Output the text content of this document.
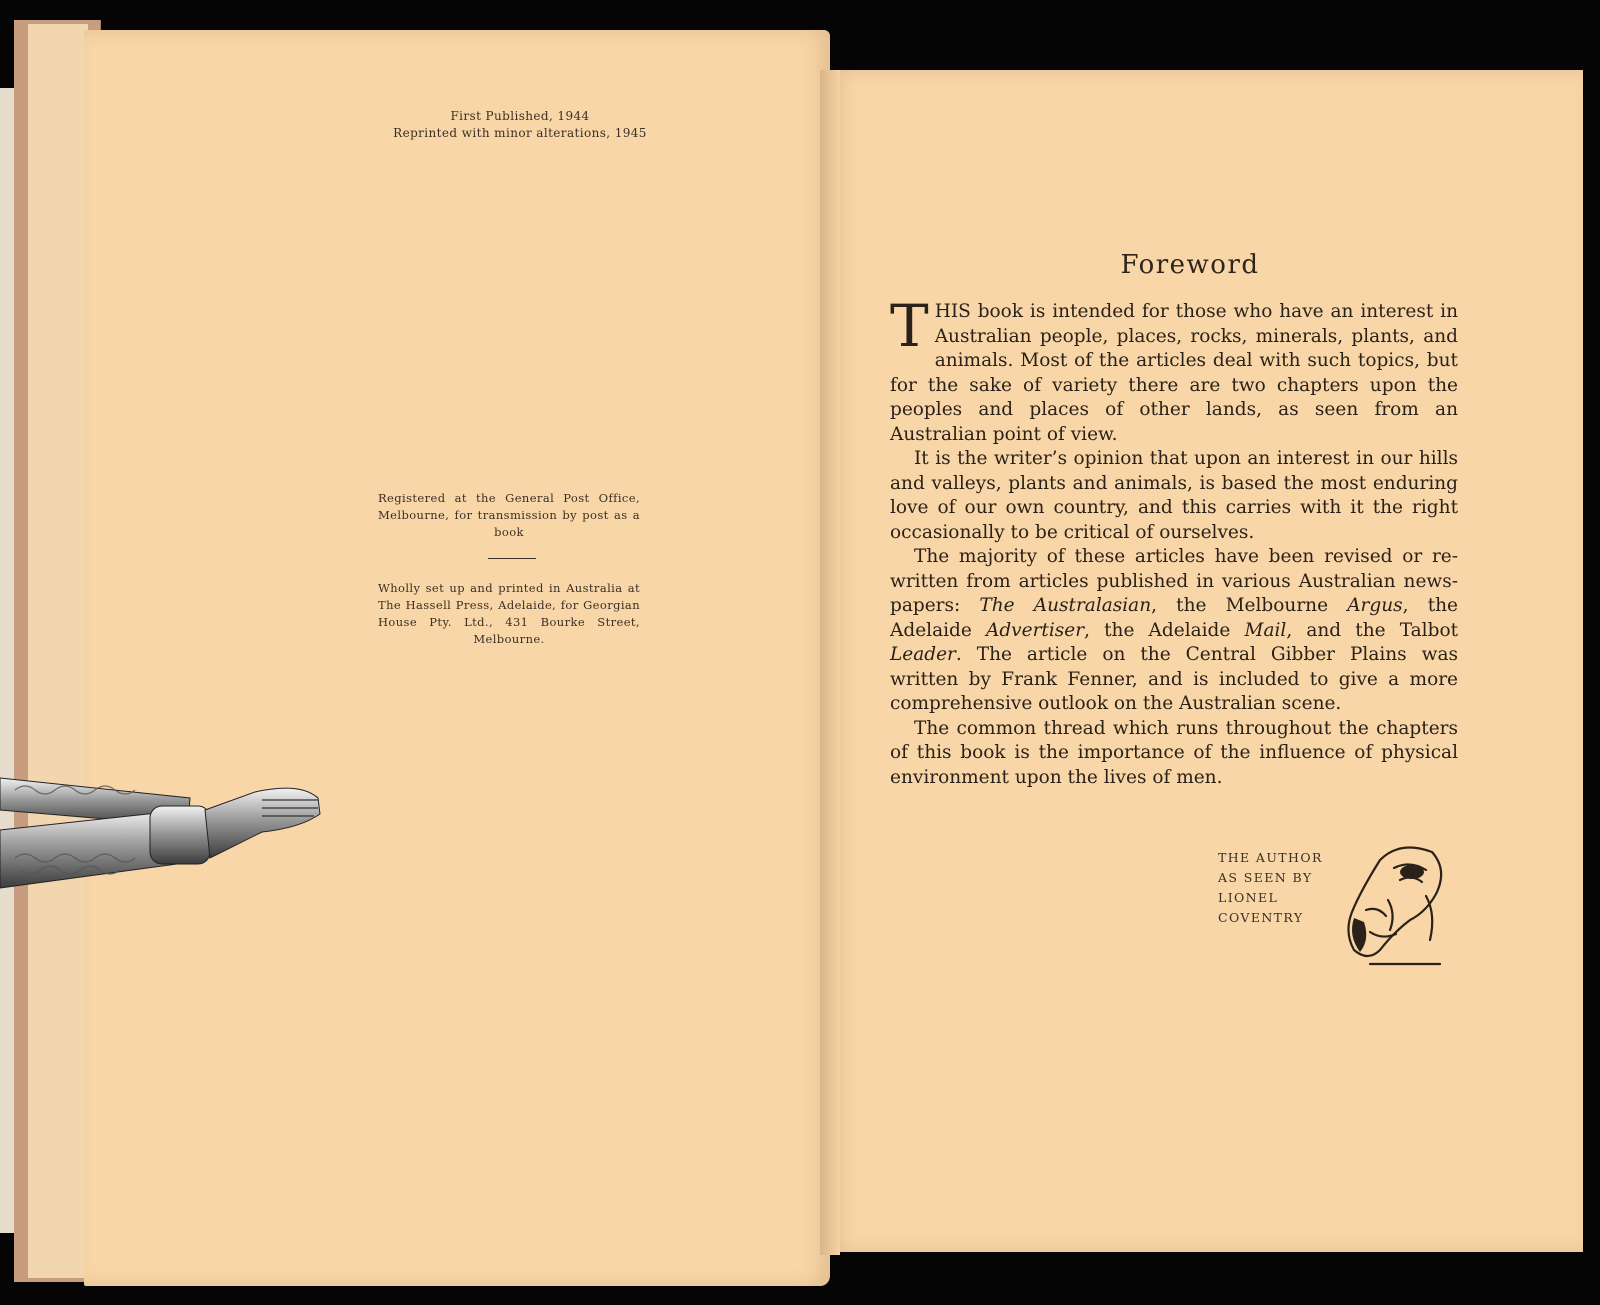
First Published, 1944
Reprinted with minor alterations, 1945
Registered at the General Post Office, Melbourne, for transmission by post as a book
Wholly set up and printed in Australia at The Hassell Press, Adelaide, for Georgian House Pty. Ltd., 431 Bourke Street, Melbourne.
Foreword

THIS book is intended for those who have an interest in Australian people, places, rocks, minerals, plants, and animals. Most of the articles deal with such topics, but for the sake of variety there are two chapters upon the peoples and places of other lands, as seen from an Australian point of view.

It is the writer’s opinion that upon an interest in our hills and valleys, plants and animals, is based the most enduring love of our own country, and this carries with it the right occasionally to be critical of ourselves.

The majority of these articles have been revised or re-written from articles published in various Australian news-papers: The Australasian, the Melbourne Argus, the Adelaide Advertiser, the Adelaide Mail, and the Talbot Leader. The article on the Central Gibber Plains was written by Frank Fenner, and is included to give a more comprehensive outlook on the Australian scene.

The common thread which runs throughout the chapters of this book is the importance of the influence of physical environment upon the lives of men.

THE AUTHOR
AS SEEN BY
LIONEL
COVENTRY
